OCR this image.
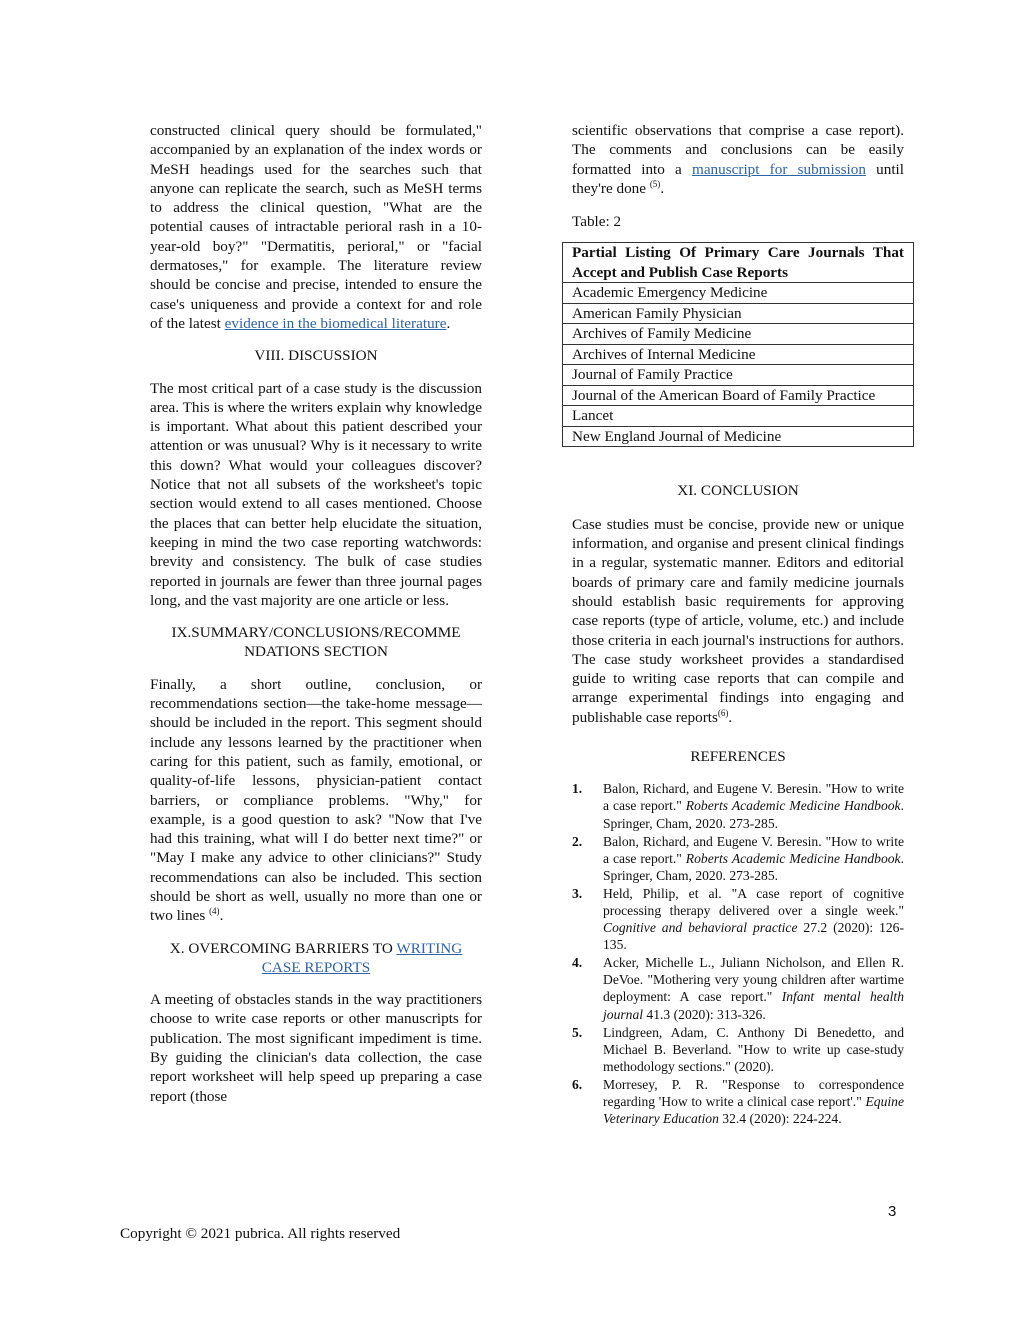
constructed clinical query should be formulated," accompanied by an explanation of the index words or MeSH headings used for the searches such that anyone can replicate the search, such as MeSH terms to address the clinical question, "What are the potential causes of intractable perioral rash in a 10-year-old boy?" "Dermatitis, perioral," or "facial dermatoses," for example. The literature review should be concise and precise, intended to ensure the case's uniqueness and provide a context for and role of the latest evidence in the biomedical literature.

VIII. DISCUSSION

The most critical part of a case study is the discussion area. This is where the writers explain why knowledge is important. What about this patient described your attention or was unusual? Why is it necessary to write this down? What would your colleagues discover? Notice that not all subsets of the worksheet's topic section would extend to all cases mentioned. Choose the places that can better help elucidate the situation, keeping in mind the two case reporting watchwords: brevity and consistency. The bulk of case studies reported in journals are fewer than three journal pages long, and the vast majority are one article or less.

IX.SUMMARY/CONCLUSIONS/RECOMME
NDATIONS SECTION

Finally, a short outline, conclusion, or recommendations section—the take-home message—should be included in the report. This segment should include any lessons learned by the practitioner when caring for this patient, such as family, emotional, or quality-of-life lessons, physician-patient contact barriers, or compliance problems. "Why," for example, is a good question to ask? "Now that I've had this training, what will I do better next time?" or "May I make any advice to other clinicians?" Study recommendations can also be included. This section should be short as well, usually no more than one or two lines $^{(4)}$.

X. OVERCOMING BARRIERS TO WRITING CASE REPORTS

A meeting of obstacles stands in the way practitioners choose to write case reports or other manuscripts for publication. The most significant impediment is time. By guiding the clinician's data collection, the case report worksheet will help speed up preparing a case report (those

scientific observations that comprise a case report). The comments and conclusions can be easily formatted into a manuscript for submission until they're done $^{(5)}$.

Table: 2
Partial Listing Of Primary Care Journals That Accept and Publish Case Reports
Academic Emergency Medicine
American Family Physician
Archives of Family Medicine
Archives of Internal Medicine
Journal of Family Practice
Journal of the American Board of Family Practice
Lancet
New England Journal of Medicine
XI. CONCLUSION

Case studies must be concise, provide new or unique information, and organise and present clinical findings in a regular, systematic manner. Editors and editorial boards of primary care and family medicine journals should establish basic requirements for approving case reports (type of article, volume, etc.) and include those criteria in each journal's instructions for authors. The case study worksheet provides a standardised guide to writing case reports that can compile and arrange experimental findings into engaging and publishable case reports$^{(6)}$.

REFERENCES
1. Balon, Richard, and Eugene V. Beresin. "How to write a case report." Roberts Academic Medicine Handbook. Springer, Cham, 2020. 273-285.
2. Balon, Richard, and Eugene V. Beresin. "How to write a case report." Roberts Academic Medicine Handbook. Springer, Cham, 2020. 273-285.
3. Held, Philip, et al. "A case report of cognitive processing therapy delivered over a single week." Cognitive and behavioral practice 27.2 (2020): 126-135.
4. Acker, Michelle L., Juliann Nicholson, and Ellen R. DeVoe. "Mothering very young children after wartime deployment: A case report." Infant mental health journal 41.3 (2020): 313-326.
5. Lindgreen, Adam, C. Anthony Di Benedetto, and Michael B. Beverland. "How to write up case-study methodology sections." (2020).
6. Morresey, P. R. "Response to correspondence regarding 'How to write a clinical case report'." Equine Veterinary Education 32.4 (2020): 224-224.
3
Copyright © 2021 pubrica. All rights reserved
